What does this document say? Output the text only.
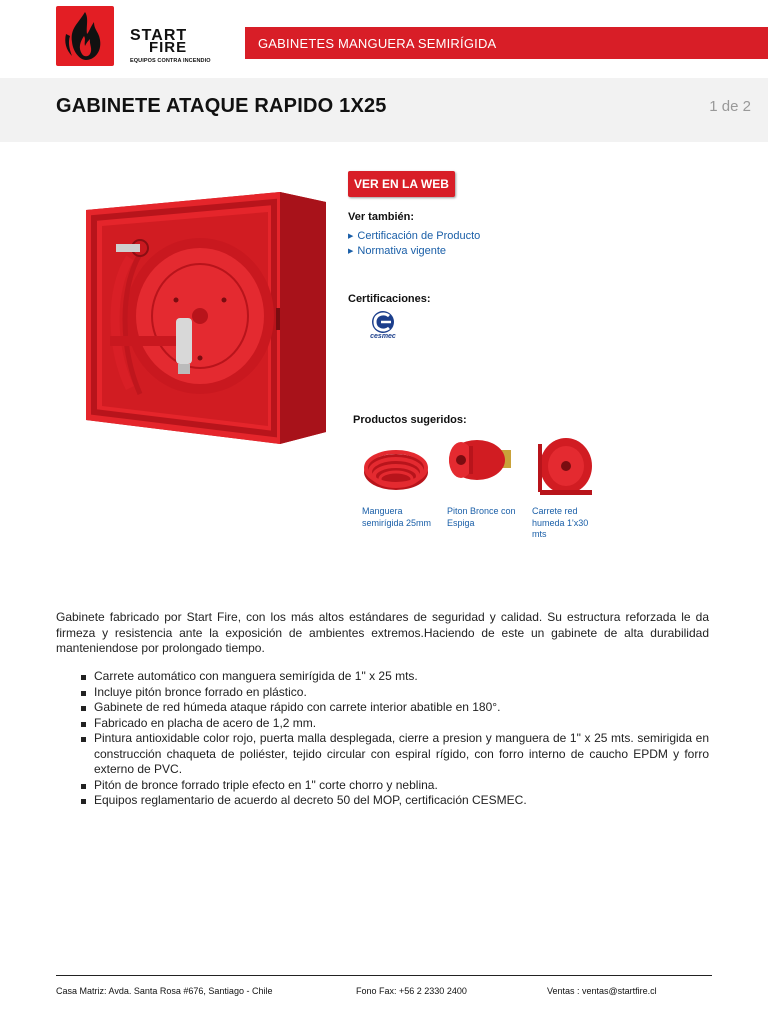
START
FIRE
EQUIPOS CONTRA INCENDIO
GABINETES MANGUERA SEMIRÍGIDA
GABINETE ATAQUE RAPIDO 1X25	1 de 2
VER EN LA WEB
Ver también:
▶ Certificación de Producto
▶ Normativa vigente
Certificaciones:
cesmec
Productos sugeridos:
Manguera semirígida 25mm
Piton Bronce con Espiga
Carrete red humeda 1'x30 mts
Gabinete fabricado por Start Fire, con los más altos estándares de seguridad y calidad. Su estructura reforzada le da firmeza y resistencia ante la exposición de ambientes extremos.Haciendo de este un gabinete de alta durabilidad manteniendose por prolongado tiempo.
Carrete automático con manguera semirígida de 1" x 25 mts.
Incluye pitón bronce forrado en plástico.
Gabinete de red húmeda ataque rápido con carrete interior abatible en 180°.
Fabricado en placha de acero de 1,2 mm.
Pintura antioxidable color rojo, puerta malla desplegada, cierre a presion y manguera de 1" x 25 mts. semirigida en construcción chaqueta de poliéster, tejido circular con espiral rígido, con forro interno de caucho EPDM y forro externo de PVC.
Pitón de bronce forrado triple efecto en 1" corte chorro y neblina.
Equipos reglamentario de acuerdo al decreto 50 del MOP, certificación CESMEC.
Casa Matriz: Avda. Santa Rosa #676, Santiago - Chile	Fono Fax: +56 2 2330 2400	Ventas : ventas@startfire.cl
